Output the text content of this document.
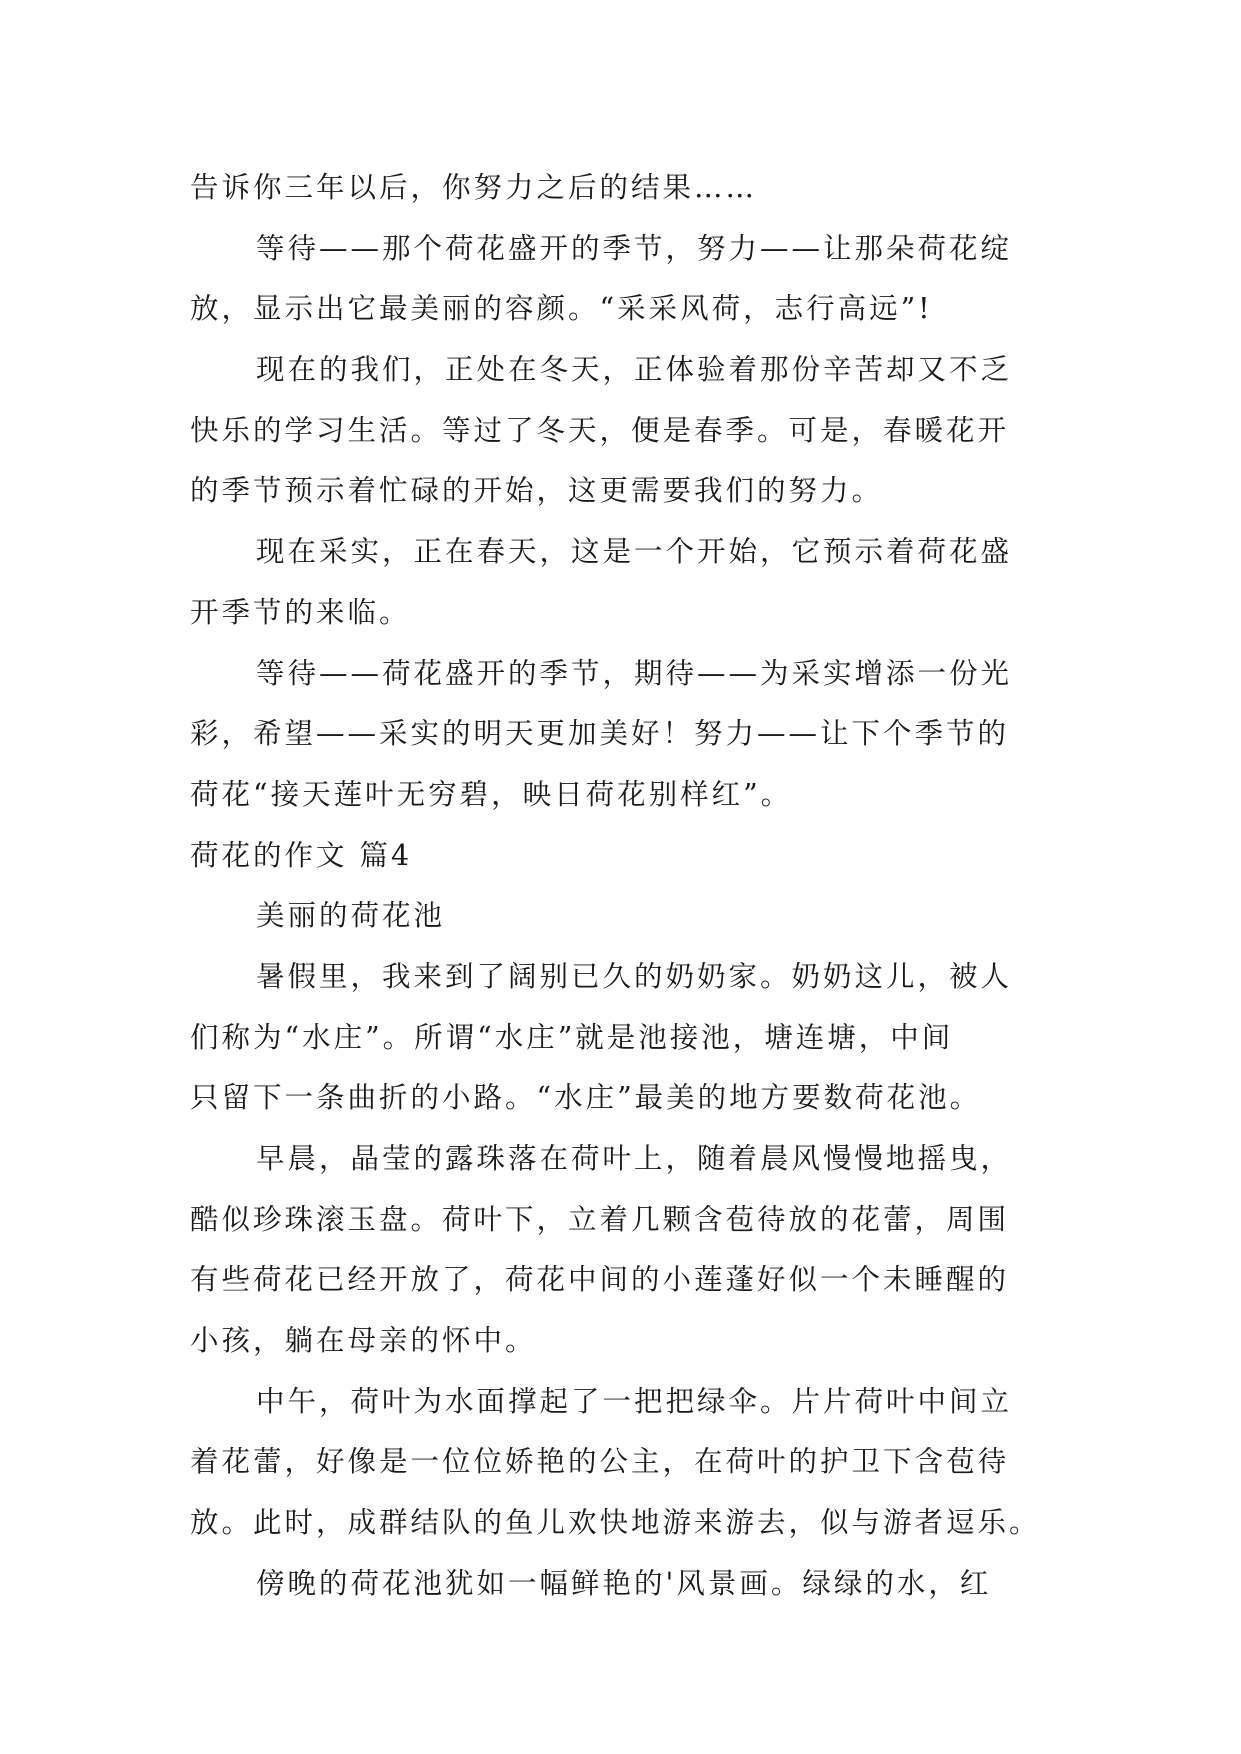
告诉你三年以后，你努力之后的结果……
等待——那个荷花盛开的季节，努力——让那朵荷花绽
放，显示出它最美丽的容颜。“采采风荷，志行高远”!
现在的我们，正处在冬天，正体验着那份辛苦却又不乏
快乐的学习生活。等过了冬天，便是春季。可是，春暖花开
的季节预示着忙碌的开始，这更需要我们的努力。
现在采实，正在春天，这是一个开始，它预示着荷花盛
开季节的来临。
等待——荷花盛开的季节，期待——为采实增添一份光
彩，希望——采实的明天更加美好！努力——让下个季节的
荷花“接天莲叶无穷碧，映日荷花别样红”。
荷花的作文 篇4
美丽的荷花池
暑假里，我来到了阔别已久的奶奶家。奶奶这儿，被人
们称为“水庄”。所谓“水庄”就是池接池，塘连塘，中间
只留下一条曲折的小路。“水庄”最美的地方要数荷花池。
早晨，晶莹的露珠落在荷叶上，随着晨风慢慢地摇曳，
酷似珍珠滚玉盘。荷叶下，立着几颗含苞待放的花蕾，周围
有些荷花已经开放了，荷花中间的小莲蓬好似一个未睡醒的
小孩，躺在母亲的怀中。
中午，荷叶为水面撑起了一把把绿伞。片片荷叶中间立
着花蕾，好像是一位位娇艳的公主，在荷叶的护卫下含苞待
放。此时，成群结队的鱼儿欢快地游来游去，似与游者逗乐。
傍晚的荷花池犹如一幅鲜艳的'风景画。绿绿的水，红
